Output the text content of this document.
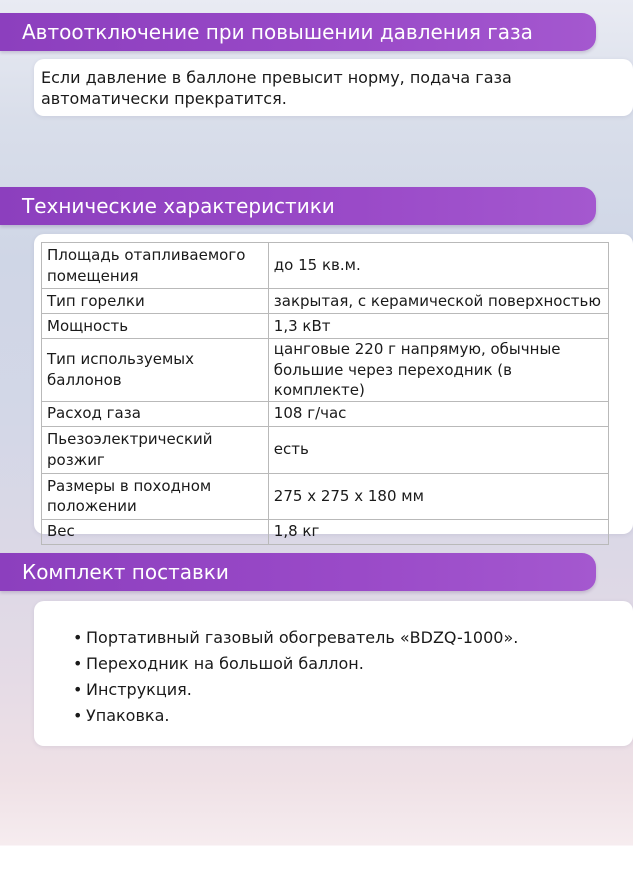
Автоотключение при повышении давления газа

Если давление в баллоне превысит норму, подача газа автоматически прекратится.

Технические характеристики
Площадь отапливаемого помещения	до 15 кв.м.
Тип горелки	закрытая, с керамической поверхностью
Мощность	1,3 кВт
Тип используемых баллонов	цанговые 220 г напрямую, обычные большие через переходник (в комплекте)
Расход газа	108 г/час
Пьезоэлектрический розжиг	есть
Размеры в походном положении	275 x 275 x 180 мм
Вес	1,8 кг
Комплект поставки
• Портативный газовый обогреватель «BDZQ-1000».
• Переходник на большой баллон.
• Инструкция.
• Упаковка.
